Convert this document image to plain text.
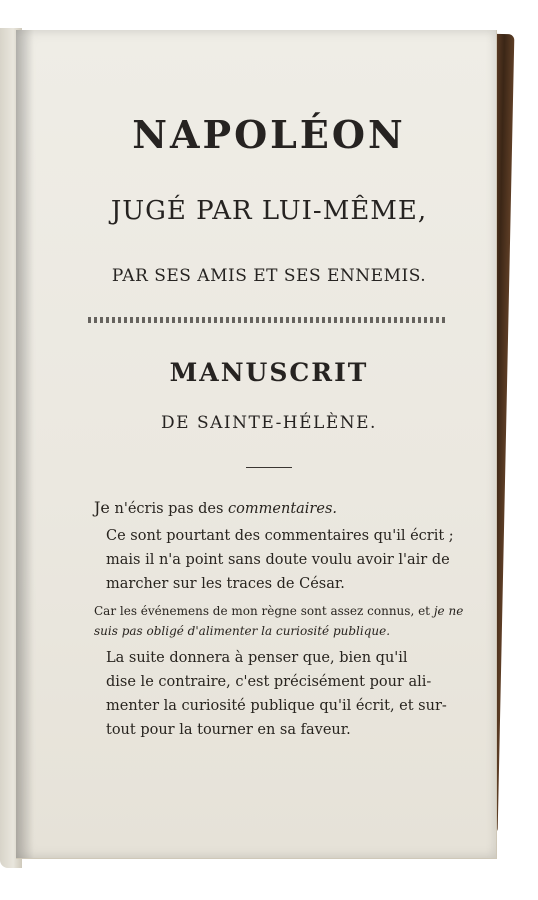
NAPOLÉON
JUGÉ PAR LUI-MÊME,
PAR SES AMIS ET SES ENNEMIS.
MANUSCRIT
DE SAINTE-HÉLÈNE.
Je n'écris pas des commentaires.
Ce sont pourtant des commentaires qu'il écrit ;
mais il n'a point sans doute voulu avoir l'air de
marcher sur les traces de César.
Car les événemens de mon règne sont assez connus, et je ne
suis pas obligé d'alimenter la curiosité publique.
La suite donnera à penser que, bien qu'il
dise le contraire, c'est précisément pour ali-
menter la curiosité publique qu'il écrit, et sur-
tout pour la tourner en sa faveur.
